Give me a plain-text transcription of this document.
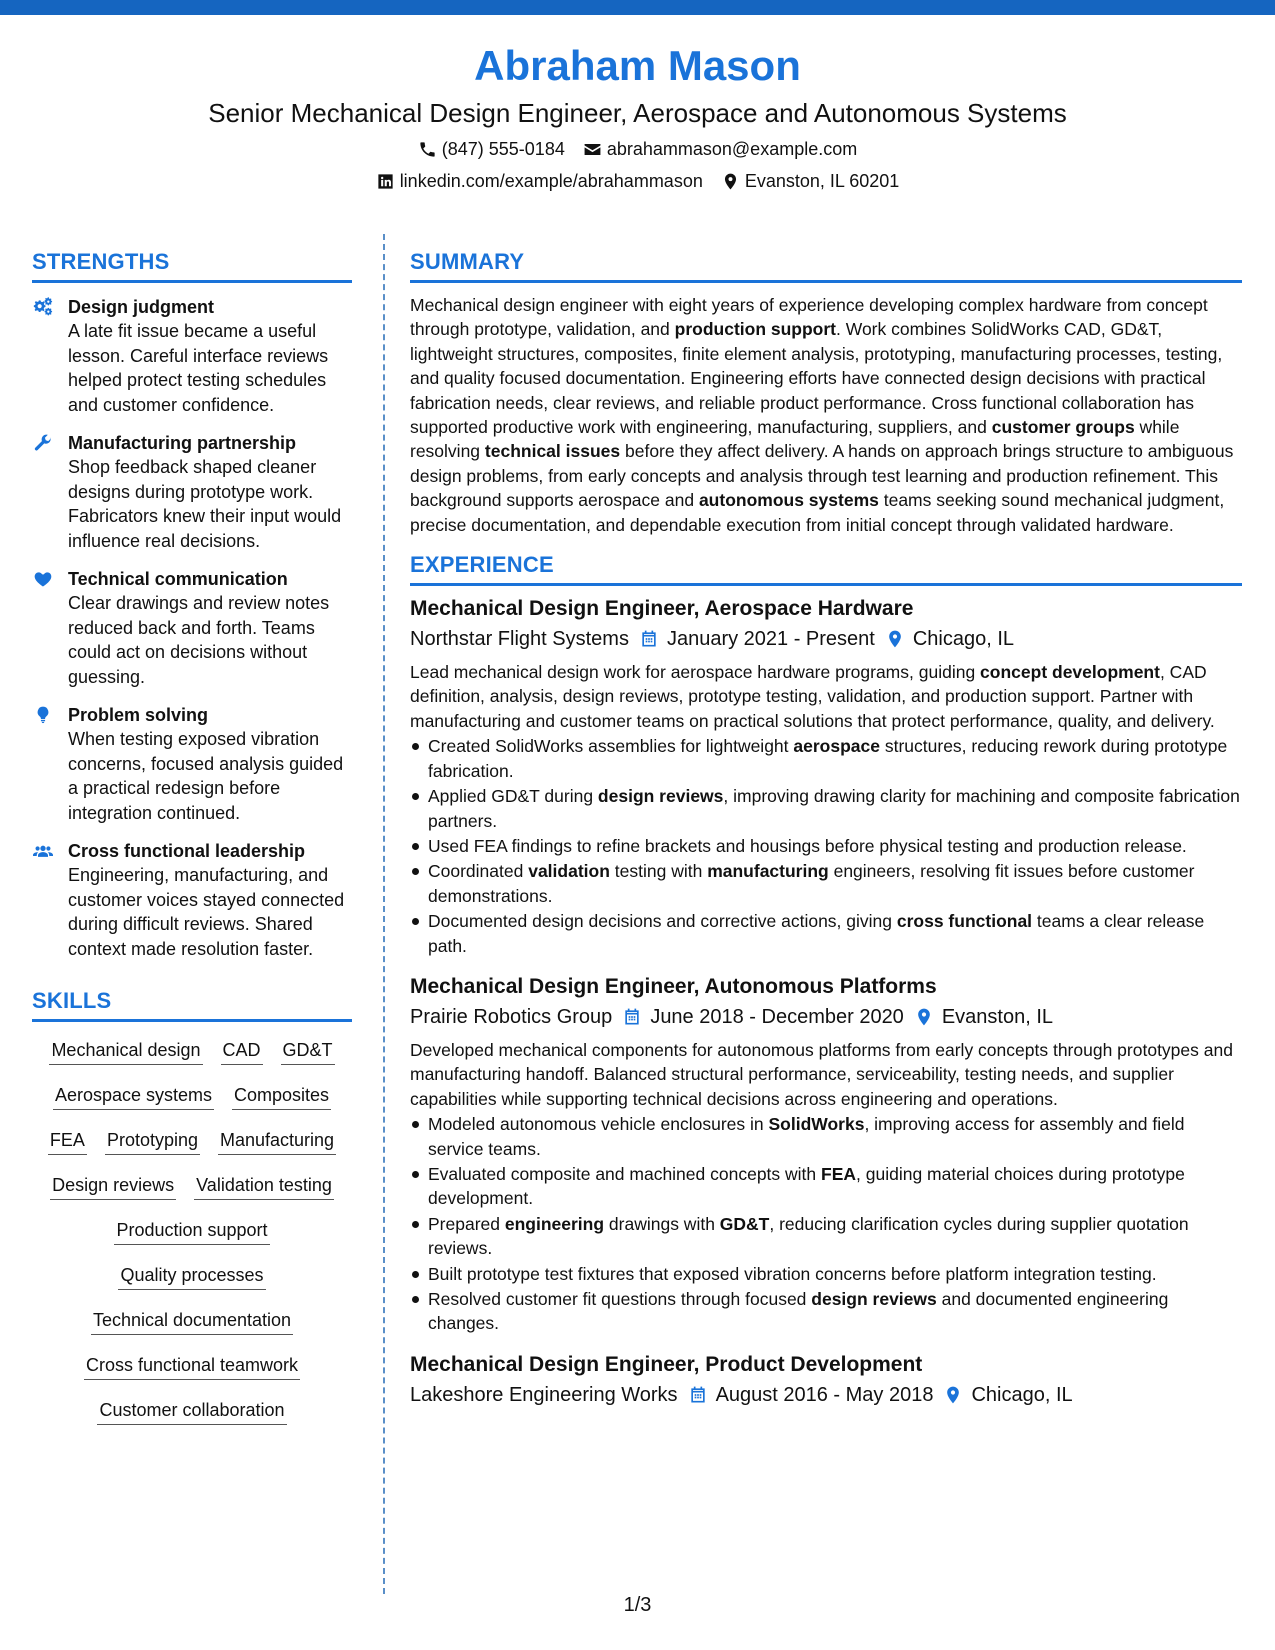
Abraham Mason
Senior Mechanical Design Engineer, Aerospace and Autonomous Systems
(847) 555-0184 abrahammason@example.com
linkedin.com/example/abrahammason Evanston, IL 60201
STRENGTHS
Design judgment
A late fit issue became a useful lesson. Careful interface reviews helped protect testing schedules and customer confidence.
Manufacturing partnership
Shop feedback shaped cleaner designs during prototype work. Fabricators knew their input would influence real decisions.
Technical communication
Clear drawings and review notes reduced back and forth. Teams could act on decisions without guessing.
Problem solving
When testing exposed vibration concerns, focused analysis guided a practical redesign before integration continued.
Cross functional leadership
Engineering, manufacturing, and customer voices stayed connected during difficult reviews. Shared context made resolution faster.
SKILLS
Mechanical design CAD GD&T
Aerospace systems Composites
FEA Prototyping Manufacturing
Design reviews Validation testing
Production support
Quality processes
Technical documentation
Cross functional teamwork
Customer collaboration
SUMMARY

Mechanical design engineer with eight years of experience developing complex hardware from concept through prototype, validation, and production support. Work combines SolidWorks CAD, GD&T, lightweight structures, composites, finite element analysis, prototyping, manufacturing processes, testing, and quality focused documentation. Engineering efforts have connected design decisions with practical fabrication needs, clear reviews, and reliable product performance. Cross functional collaboration has supported productive work with engineering, manufacturing, suppliers, and customer groups while resolving technical issues before they affect delivery. A hands on approach brings structure to ambiguous design problems, from early concepts and analysis through test learning and production refinement. This background supports aerospace and autonomous systems teams seeking sound mechanical judgment, precise documentation, and dependable execution from initial concept through validated hardware.

EXPERIENCE
Mechanical Design Engineer, Aerospace Hardware
Northstar Flight Systems January 2021 - Present Chicago, IL

Lead mechanical design work for aerospace hardware programs, guiding concept development, CAD definition, analysis, design reviews, prototype testing, validation, and production support. Partner with manufacturing and customer teams on practical solutions that protect performance, quality, and delivery.

Created SolidWorks assemblies for lightweight aerospace structures, reducing rework during prototype fabrication.
Applied GD&T during design reviews, improving drawing clarity for machining and composite fabrication partners.
Used FEA findings to refine brackets and housings before physical testing and production release.
Coordinated validation testing with manufacturing engineers, resolving fit issues before customer demonstrations.
Documented design decisions and corrective actions, giving cross functional teams a clear release path.
Mechanical Design Engineer, Autonomous Platforms
Prairie Robotics Group June 2018 - December 2020 Evanston, IL

Developed mechanical components for autonomous platforms from early concepts through prototypes and manufacturing handoff. Balanced structural performance, serviceability, testing needs, and supplier capabilities while supporting technical decisions across engineering and operations.

Modeled autonomous vehicle enclosures in SolidWorks, improving access for assembly and field service teams.
Evaluated composite and machined concepts with FEA, guiding material choices during prototype development.
Prepared engineering drawings with GD&T, reducing clarification cycles during supplier quotation reviews.
Built prototype test fixtures that exposed vibration concerns before platform integration testing.
Resolved customer fit questions through focused design reviews and documented engineering changes.
Mechanical Design Engineer, Product Development
Lakeshore Engineering Works August 2016 - May 2018 Chicago, IL
1/3
